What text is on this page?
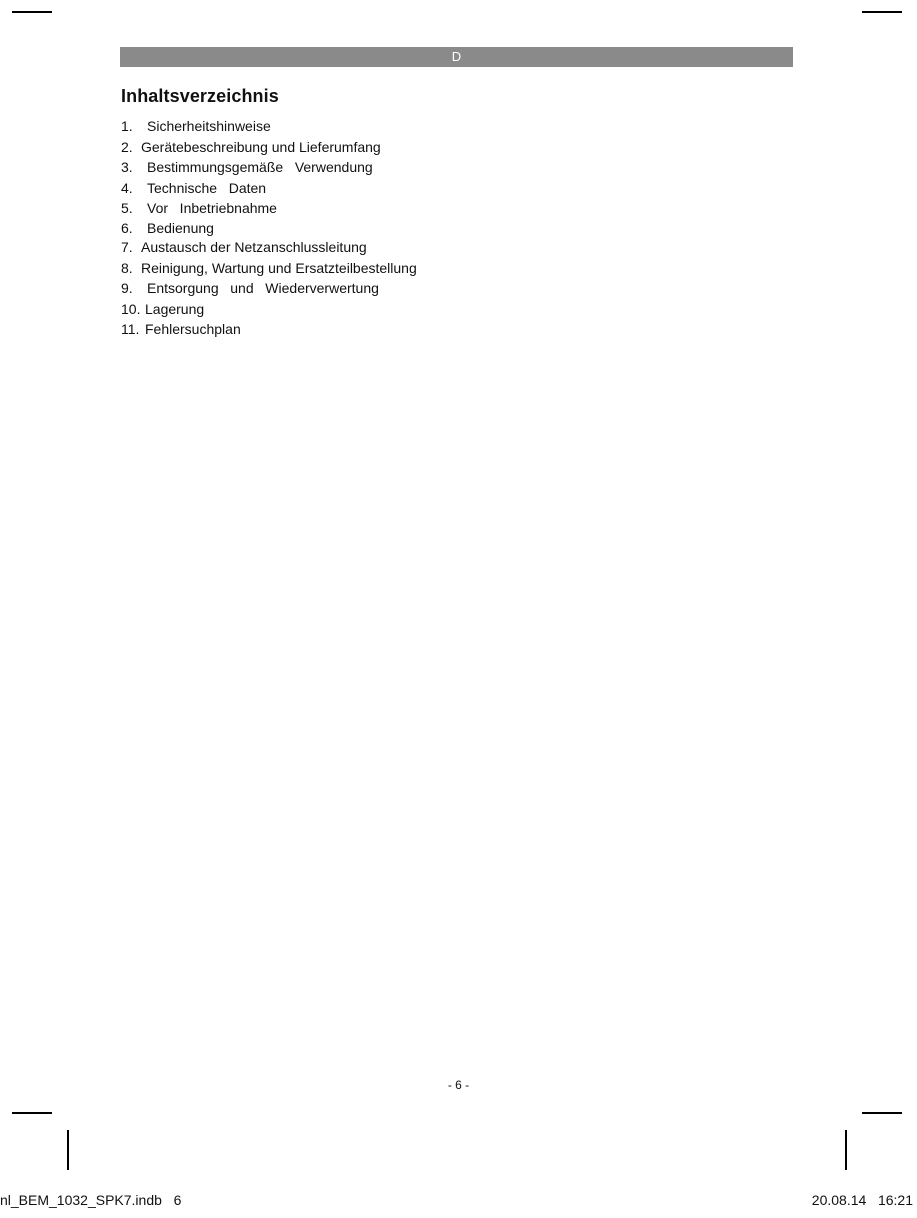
D
Inhaltsverzeichnis
1.	Sicherheitshinweise
2. Gerätebeschreibung und Lieferumfang
3.	Bestimmungsgemäße   Verwendung
4.	Technische   Daten
5.	Vor   Inbetriebnahme
6.	Bedienung
7. Austausch der Netzanschlussleitung
8. Reinigung, Wartung und Ersatzteilbestellung
9.	Entsorgung   und   Wiederverwertung
10. Lagerung
11. Fehlersuchplan
- 6 -
nl_BEM_1032_SPK7.indb   6	20.08.14   16:21
